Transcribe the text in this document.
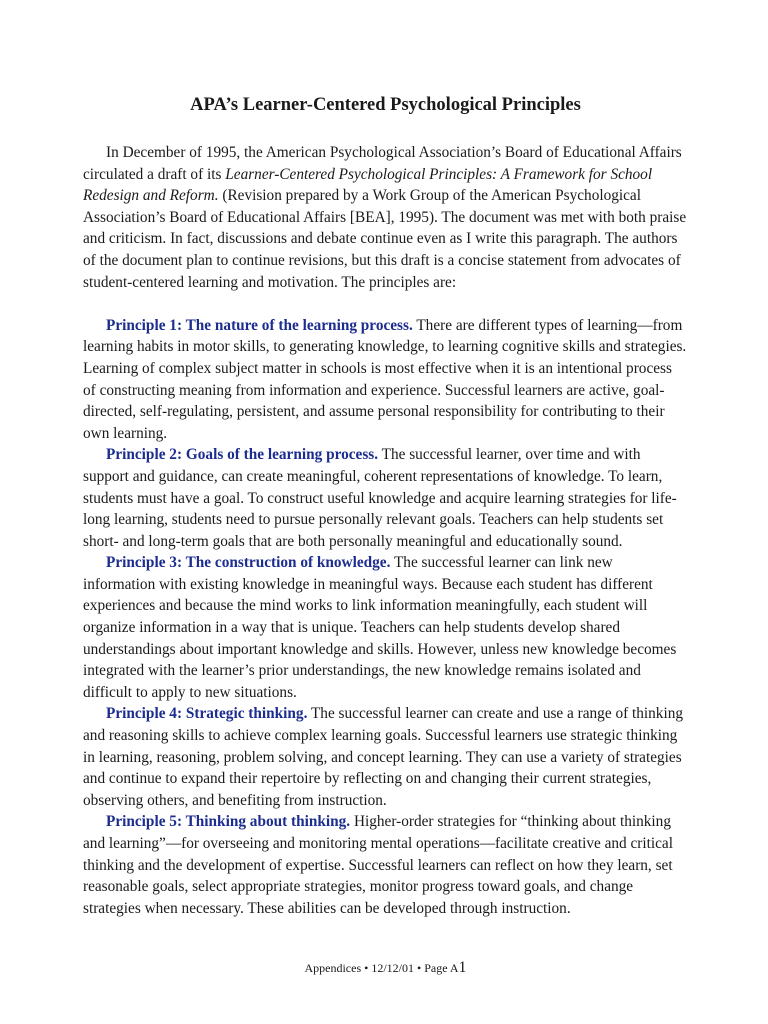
APA’s Learner-Centered Psychological Principles

In December of 1995, the American Psychological Association’s Board of Educational Affairs circulated a draft of its Learner-Centered Psychological Principles: A Framework for School Redesign and Reform. (Revision prepared by a Work Group of the American Psychological Association’s Board of Educational Affairs [BEA], 1995). The document was met with both praise and criticism. In fact, discussions and debate continue even as I write this paragraph. The authors of the document plan to continue revisions, but this draft is a concise statement from advocates of student-centered learning and motivation. The principles are:

Principle 1: The nature of the learning process. There are different types of learning—from learning habits in motor skills, to generating knowledge, to learning cognitive skills and strategies. Learning of complex subject matter in schools is most effective when it is an intentional process of constructing meaning from information and experience. Successful learners are active, goal-directed, self-regulating, persistent, and assume personal responsibility for contributing to their own learning.

Principle 2: Goals of the learning process. The successful learner, over time and with support and guidance, can create meaningful, coherent representations of knowledge. To learn, students must have a goal. To construct useful knowledge and acquire learning strategies for life-long learning, students need to pursue personally relevant goals. Teachers can help students set short- and long-term goals that are both personally meaningful and educationally sound.

Principle 3: The construction of knowledge. The successful learner can link new information with existing knowledge in meaningful ways. Because each student has different experiences and because the mind works to link information meaningfully, each student will organize information in a way that is unique. Teachers can help students develop shared understandings about important knowledge and skills. However, unless new knowledge becomes integrated with the learner’s prior understandings, the new knowledge remains isolated and difficult to apply to new situations.

Principle 4: Strategic thinking. The successful learner can create and use a range of thinking and reasoning skills to achieve complex learning goals. Successful learners use strategic thinking in learning, reasoning, problem solving, and concept learning. They can use a variety of strategies and continue to expand their repertoire by reflecting on and changing their current strategies, observing others, and benefiting from instruction.

Principle 5: Thinking about thinking. Higher-order strategies for “thinking about thinking and learning”—for overseeing and monitoring mental operations—facilitate creative and critical thinking and the development of expertise. Successful learners can reflect on how they learn, set reasonable goals, select appropriate strategies, monitor progress toward goals, and change strategies when necessary. These abilities can be developed through instruction.

Appendices • 12/12/01 • Page A1
